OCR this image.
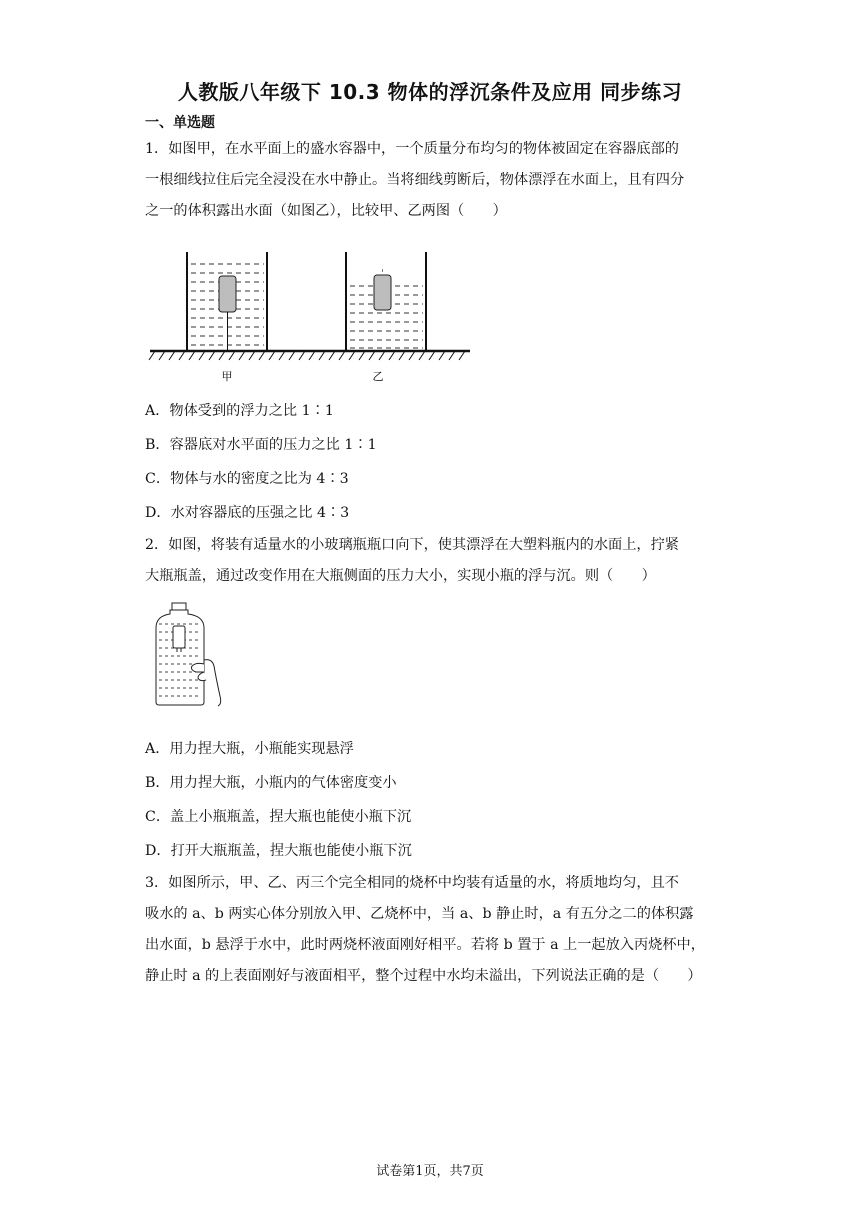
人教版八年级下 10.3 物体的浮沉条件及应用 同步练习
一、单选题
1．如图甲，在水平面上的盛水容器中，一个质量分布均匀的物体被固定在容器底部的
一根细线拉住后完全浸没在水中静止。当将细线剪断后，物体漂浮在水面上，且有四分
之一的体积露出水面（如图乙），比较甲、乙两图（　　）
甲	乙
A．物体受到的浮力之比 1∶1
B．容器底对水平面的压力之比 1∶1
C．物体与水的密度之比为 4∶3
D．水对容器底的压强之比 4∶3
2．如图，将装有适量水的小玻璃瓶瓶口向下，使其漂浮在大塑料瓶内的水面上，拧紧
大瓶瓶盖，通过改变作用在大瓶侧面的压力大小，实现小瓶的浮与沉。则（　　）
A．用力捏大瓶，小瓶能实现悬浮
B．用力捏大瓶，小瓶内的气体密度变小
C．盖上小瓶瓶盖，捏大瓶也能使小瓶下沉
D．打开大瓶瓶盖，捏大瓶也能使小瓶下沉
3．如图所示，甲、乙、丙三个完全相同的烧杯中均装有适量的水，将质地均匀，且不
吸水的 a、b 两实心体分别放入甲、乙烧杯中，当 a、b 静止时，a 有五分之二的体积露
出水面，b 悬浮于水中，此时两烧杯液面刚好相平。若将 b 置于 a 上一起放入丙烧杯中，
静止时 a 的上表面刚好与液面相平，整个过程中水均未溢出，下列说法正确的是（　　）
试卷第1页，共7页
